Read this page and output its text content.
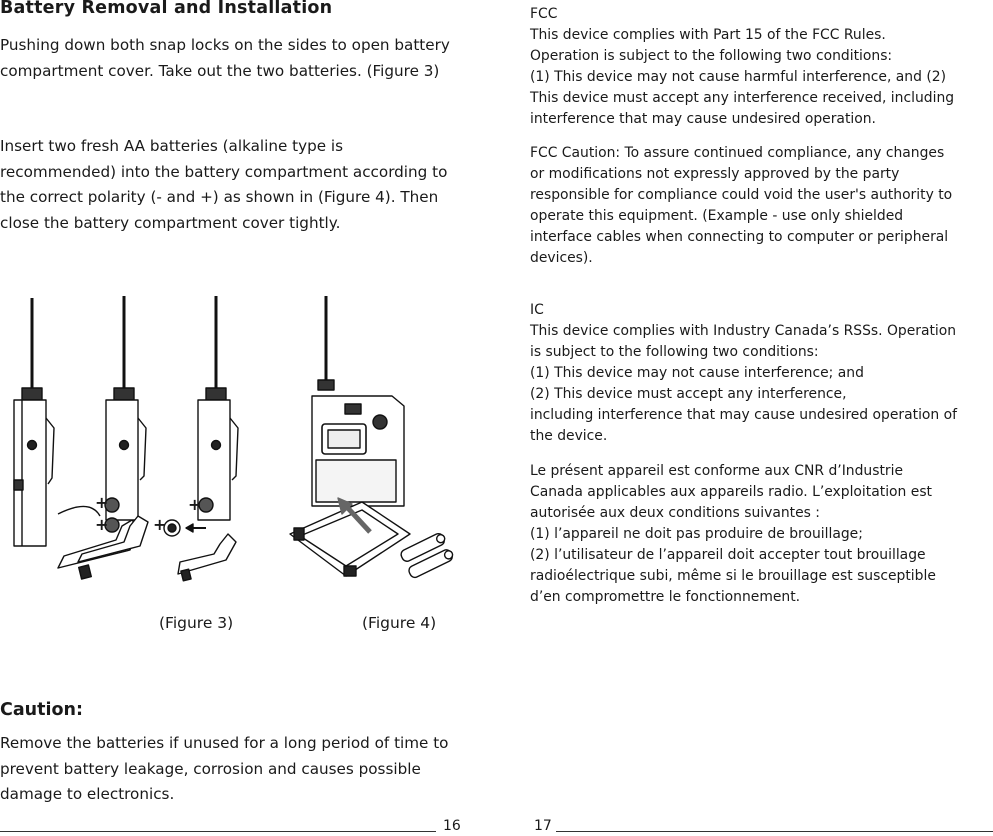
Battery Removal and Installation

Pushing down both snap locks on the sides to open battery compartment cover. Take out the two batteries. (Figure 3)

Insert two fresh AA batteries (alkaline type is recommended) into the battery compartment according to the correct polarity (- and +) as shown in (Figure 4). Then close the battery compartment cover tightly.

+
+	+
+
(Figure 3)	(Figure 4)
Caution:

Remove the batteries if unused for a long period of time to prevent battery leakage, corrosion and causes possible damage to electronics.

16

FCC
This device complies with Part 15 of the FCC Rules.
Operation is subject to the following two conditions:
(1) This device may not cause harmful interference, and (2)
This device must accept any interference received, including
interference that may cause undesired operation.

FCC Caution: To assure continued compliance, any changes
or modifications not expressly approved by the party
responsible for compliance could void the user's authority to
operate this equipment. (Example - use only shielded
interface cables when connecting to computer or peripheral
devices).

IC
This device complies with Industry Canada’s RSSs. Operation
is subject to the following two conditions:
(1) This device may not cause interference; and
(2) This device must accept any interference,
including interference that may cause undesired operation of
the device.

Le présent appareil est conforme aux CNR d’Industrie
Canada applicables aux appareils radio. L’exploitation est
autorisée aux deux conditions suivantes :
(1) l’appareil ne doit pas produire de brouillage;
(2) l’utilisateur de l’appareil doit accepter tout brouillage
radioélectrique subi, même si le brouillage est susceptible
d’en compromettre le fonctionnement.

17
